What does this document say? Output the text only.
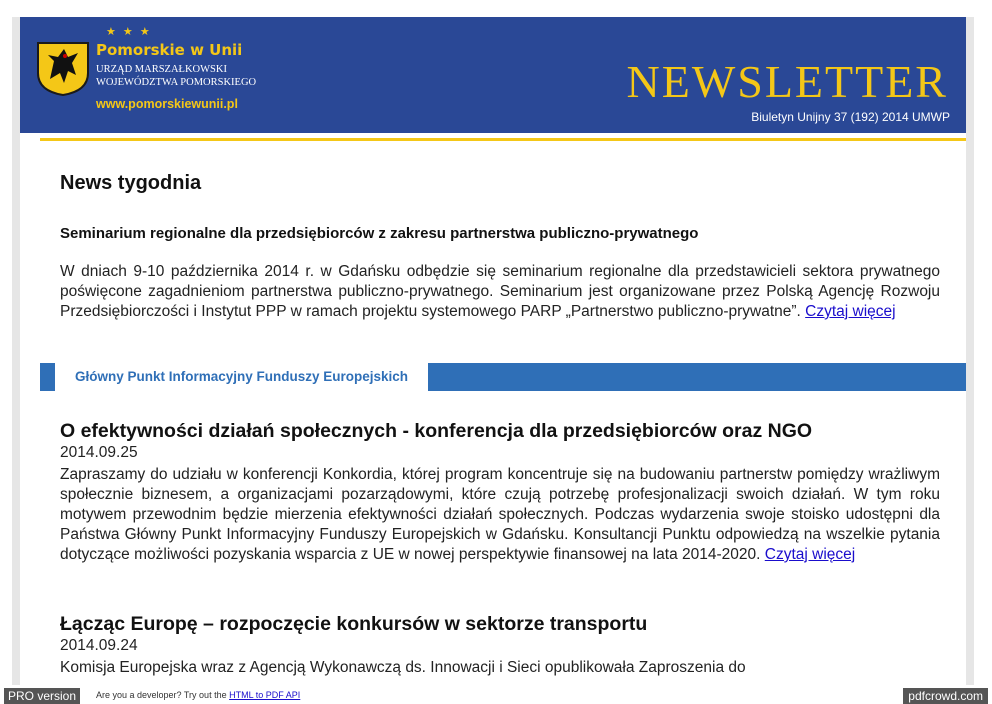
★ ★ ★
Pomorskie w Unii
URZĄD MARSZAŁKOWSKI
WOJEWÓDZTWA POMORSKIEGO
www.pomorskiewunii.pl	NEWSLETTER
Biuletyn Unijny 37 (192) 2014 UMWP
News tygodnia
Seminarium regionalne dla przedsiębiorców z zakresu partnerstwa publiczno-prywatnego
W dniach 9-10 października 2014 r. w Gdańsku odbędzie się seminarium regionalne dla przedstawicieli sektora prywatnego poświęcone zagadnieniom partnerstwa publiczno-prywatnego. Seminarium jest organizowane przez Polską Agencję Rozwoju Przedsiębiorczości i Instytut PPP w ramach projektu systemowego PARP „Partnerstwo publiczno-prywatne”. Czytaj więcej
Główny Punkt Informacyjny Funduszy Europejskich
O efektywności działań społecznych - konferencja dla przedsiębiorców oraz NGO
2014.09.25
Zapraszamy do udziału w konferencji Konkordia, której program koncentruje się na budowaniu partnerstw pomiędzy wrażliwym społecznie biznesem, a organizacjami pozarządowymi, które czują potrzebę profesjonalizacji swoich działań. W tym roku motywem przewodnim będzie mierzenia efektywności działań społecznych. Podczas wydarzenia swoje stoisko udostępni dla Państwa Główny Punkt Informacyjny Funduszy Europejskich w Gdańsku. Konsultancji Punktu odpowiedzą na wszelkie pytania dotyczące możliwości pozyskania wsparcia z UE w nowej perspektywie finansowej na lata 2014-2020. Czytaj więcej
Łącząc Europę – rozpoczęcie konkursów w sektorze transportu
2014.09.24
Komisja Europejska wraz z Agencją Wykonawczą ds. Innowacji i Sieci opublikowała Zaproszenia do
PRO version	Are you a developer? Try out the HTML to PDF API	pdfcrowd.com
